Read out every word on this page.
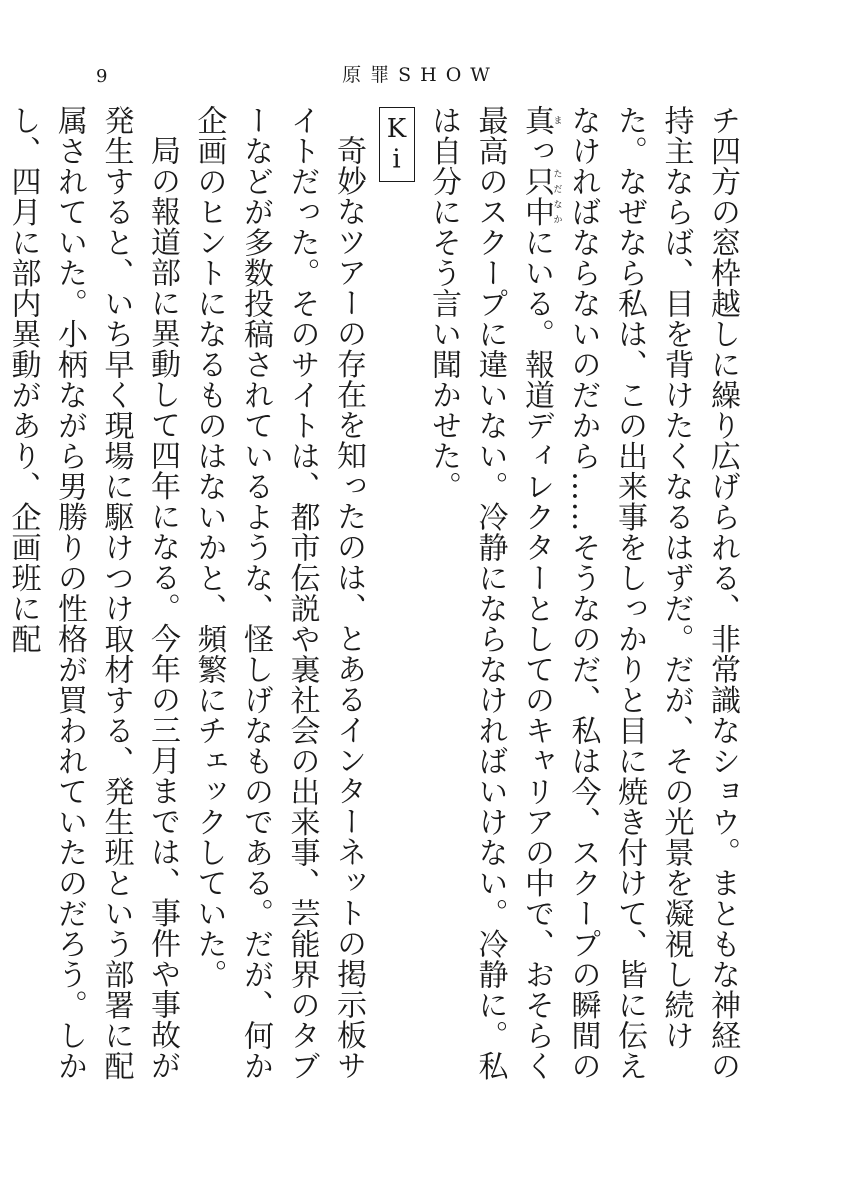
9	原罪SHOW

チ四方の窓枠越しに繰り広げられる、非常識なショウ。まともな神経の持主ならば、目を背けたくなるはずだ。だが、その光景を凝視し続けた。なぜなら私は、この出来事をしっかりと目に焼き付けて、皆に伝えなければならないのだから……そうなのだ、私は今、スクープの瞬間の真まっ只中ただなかにいる。報道ディレクターとしてのキャリアの中で、おそらく最高のスクープに違いない。冷静にならなければいけない。冷静に。私は自分にそう言い聞かせた。

Ki

奇妙なツアーの存在を知ったのは、とあるインターネットの掲示板サイトだった。そのサイトは、都市伝説や裏社会の出来事、芸能界のタブーなどが多数投稿されているような、怪しげなものである。だが、何か企画のヒントになるものはないかと、頻繁にチェックしていた。

局の報道部に異動して四年になる。今年の三月までは、事件や事故が発生すると、いち早く現場に駆けつけ取材する、発生班という部署に配属されていた。小柄ながら男勝りの性格が買われていたのだろう。しかし、四月に部内異動があり、企画班に配
